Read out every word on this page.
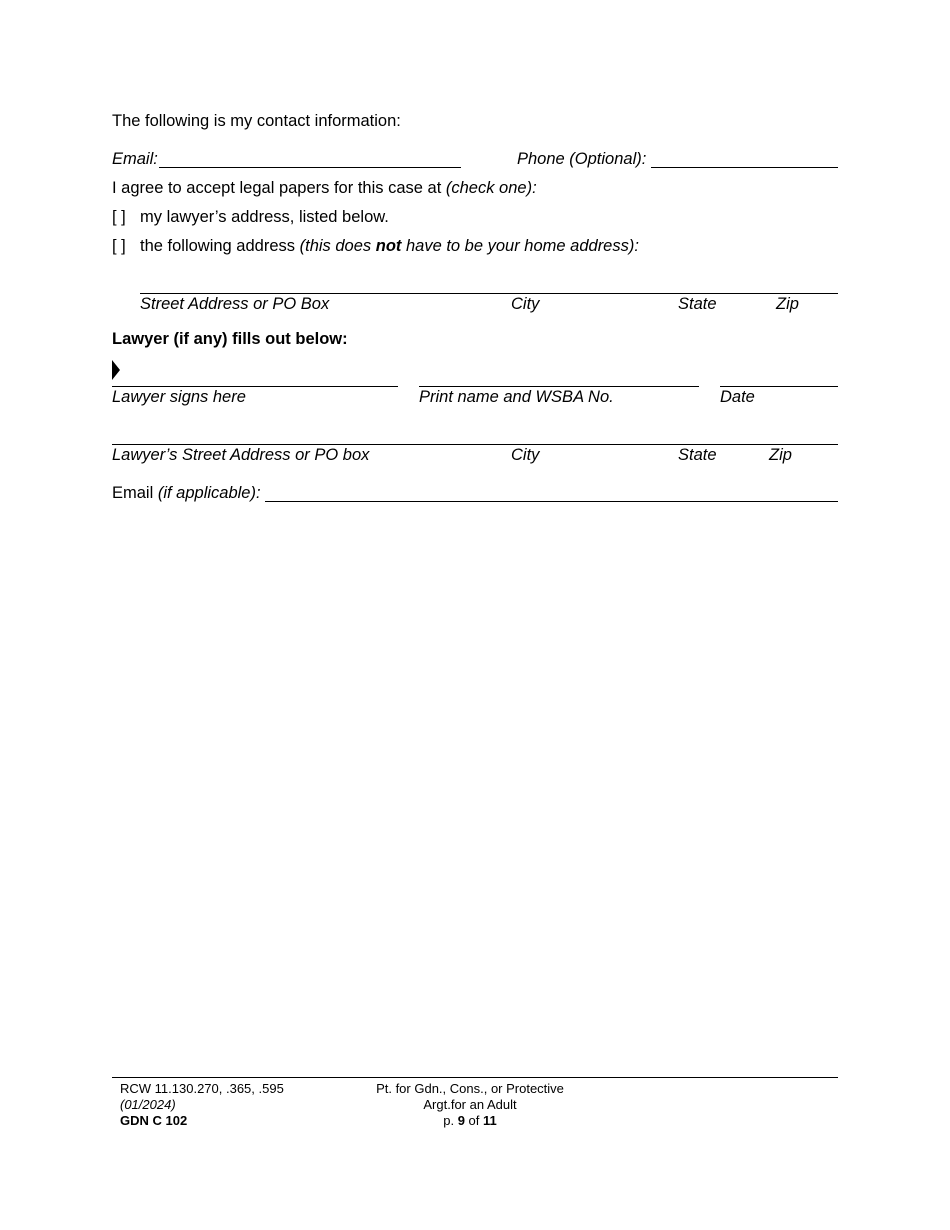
The following is my contact information:
Email:	Phone (Optional):
I agree to accept legal papers for this case at (check one):
[ ] my lawyer’s address, listed below.
[ ] the following address (this does not have to be your home address):
Street Address or PO Box	City	State	Zip
Lawyer (if any) fills out below:
Lawyer signs here	Print name and WSBA No.	Date
Lawyer’s Street Address or PO box	City	State	Zip
Email (if applicable):
RCW 11.130.270, .365, .595
(01/2024)
GDN C 102
Pt. for Gdn., Cons., or Protective
Argt.for an Adult
p. 9 of 11
